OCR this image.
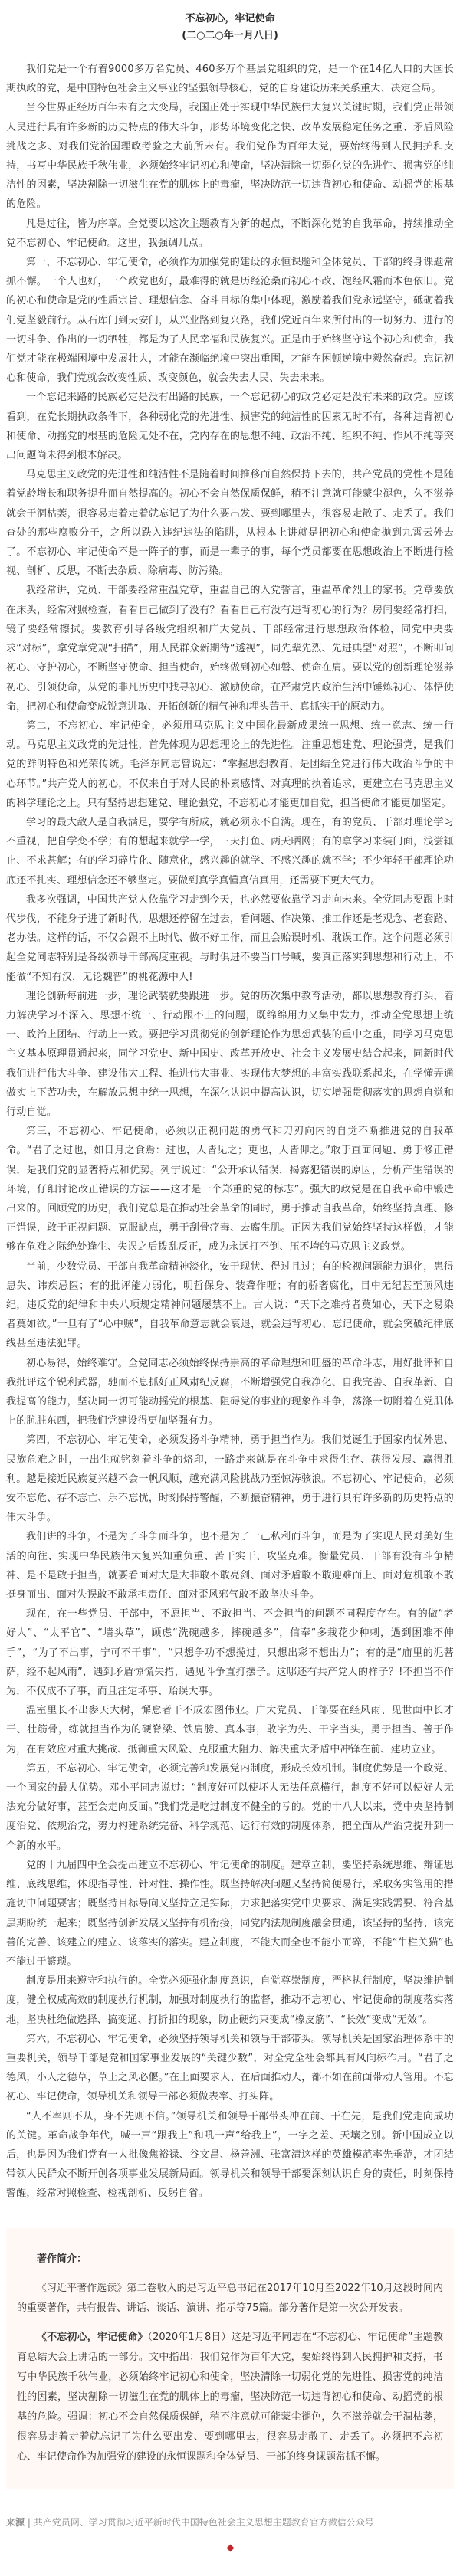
不忘初心，牢记使命
(二○二○年一月八日)

我们党是一个有着9000多万名党员、460多万个基层党组织的党，是一个在14亿人口的大国长期执政的党，是中国特色社会主义事业的坚强领导核心，党的自身建设历来关系重大、决定全局。

当今世界正经历百年未有之大变局，我国正处于实现中华民族伟大复兴关键时期，我们党正带领人民进行具有许多新的历史特点的伟大斗争，形势环境变化之快、改革发展稳定任务之重、矛盾风险挑战之多、对我们党治国理政考验之大前所未有。我们党作为百年大党，要始终得到人民拥护和支持，书写中华民族千秋伟业，必须始终牢记初心和使命，坚决清除一切弱化党的先进性、损害党的纯洁性的因素，坚决割除一切滋生在党的肌体上的毒瘤，坚决防范一切违背初心和使命、动摇党的根基的危险。

凡是过往，皆为序章。全党要以这次主题教育为新的起点，不断深化党的自我革命，持续推动全党不忘初心、牢记使命。这里，我强调几点。

第一，不忘初心、牢记使命，必须作为加强党的建设的永恒课题和全体党员、干部的终身课题常抓不懈。一个人也好，一个政党也好，最难得的就是历经沧桑而初心不改、饱经风霜而本色依旧。党的初心和使命是党的性质宗旨、理想信念、奋斗目标的集中体现，激励着我们党永远坚守，砥砺着我们党坚毅前行。从石库门到天安门，从兴业路到复兴路，我们党近百年来所付出的一切努力、进行的一切斗争、作出的一切牺牲，都是为了人民幸福和民族复兴。正是由于始终坚守这个初心和使命，我们党才能在极端困境中发展壮大，才能在濒临绝境中突出重围，才能在困顿逆境中毅然奋起。忘记初心和使命，我们党就会改变性质、改变颜色，就会失去人民、失去未来。

一个忘记来路的民族必定是没有出路的民族，一个忘记初心的政党必定是没有未来的政党。应该看到，在党长期执政条件下，各种弱化党的先进性、损害党的纯洁性的因素无时不有，各种违背初心和使命、动摇党的根基的危险无处不在，党内存在的思想不纯、政治不纯、组织不纯、作风不纯等突出问题尚未得到根本解决。

马克思主义政党的先进性和纯洁性不是随着时间推移而自然保持下去的，共产党员的党性不是随着党龄增长和职务提升而自然提高的。初心不会自然保质保鲜，稍不注意就可能蒙尘褪色，久不滋养就会干涸枯萎，很容易走着走着就忘记了为什么要出发、要到哪里去，很容易走散了、走丢了。我们查处的那些腐败分子，之所以跌入违纪违法的陷阱，从根本上讲就是把初心和使命抛到九霄云外去了。不忘初心、牢记使命不是一阵子的事，而是一辈子的事，每个党员都要在思想政治上不断进行检视、剖析、反思，不断去杂质、除病毒、防污染。

我经常讲，党员、干部要经常重温党章，重温自己的入党誓言，重温革命烈士的家书。党章要放在床头，经常对照检查，看看自己做到了没有？看看自己有没有违背初心的行为？房间要经常打扫，镜子要经常擦拭。要教育引导各级党组织和广大党员、干部经常进行思想政治体检，同党中央要求“对标”，拿党章党规“扫描”，用人民群众新期待“透视”，同先辈先烈、先进典型“对照”，不断叩问初心、守护初心，不断坚守使命、担当使命，始终做到初心如磐、使命在肩。要以党的创新理论滋养初心、引领使命，从党的非凡历史中找寻初心、激励使命，在严肃党内政治生活中锤炼初心、体悟使命，把初心和使命变成锐意进取、开拓创新的精气神和埋头苦干、真抓实干的原动力。

第二，不忘初心、牢记使命，必须用马克思主义中国化最新成果统一思想、统一意志、统一行动。马克思主义政党的先进性，首先体现为思想理论上的先进性。注重思想建党、理论强党，是我们党的鲜明特色和光荣传统。毛泽东同志曾说过：“掌握思想教育，是团结全党进行伟大政治斗争的中心环节。”共产党人的初心，不仅来自于对人民的朴素感情、对真理的执着追求，更建立在马克思主义的科学理论之上。只有坚持思想建党、理论强党，不忘初心才能更加自觉，担当使命才能更加坚定。

学习的最大敌人是自我满足，要学有所成，就必须永不自满。现在，有的党员、干部对理论学习不重视，把自学变不学；有的想起来就学一学，三天打鱼、两天晒网；有的拿学习来装门面，浅尝辄止、不求甚解；有的学习碎片化、随意化，感兴趣的就学、不感兴趣的就不学；不少年轻干部理论功底还不扎实、理想信念还不够坚定。要做到真学真懂真信真用，还需要下更大气力。

我多次强调，中国共产党人依靠学习走到今天，也必然要依靠学习走向未来。全党同志要跟上时代步伐，不能身子进了新时代，思想还停留在过去，看问题、作决策、推工作还是老观念、老套路、老办法。这样的话，不仅会跟不上时代、做不好工作，而且会贻误时机、耽误工作。这个问题必须引起全党同志特别是各级领导干部高度重视。与时俱进不要当口号喊，要真正落实到思想和行动上，不能做“不知有汉，无论魏晋”的桃花源中人!

理论创新每前进一步，理论武装就要跟进一步。党的历次集中教育活动，都以思想教育打头，着力解决学习不深入、思想不统一、行动跟不上的问题，既绵绵用力又集中发力，推动全党思想上统一、政治上团结、行动上一致。要把学习贯彻党的创新理论作为思想武装的重中之重，同学习马克思主义基本原理贯通起来，同学习党史、新中国史、改革开放史、社会主义发展史结合起来，同新时代我们进行伟大斗争、建设伟大工程、推进伟大事业、实现伟大梦想的丰富实践联系起来，在学懂弄通做实上下苦功夫，在解放思想中统一思想，在深化认识中提高认识，切实增强贯彻落实的思想自觉和行动自觉。

第三，不忘初心、牢记使命，必须以正视问题的勇气和刀刃向内的自觉不断推进党的自我革命。“君子之过也，如日月之食焉：过也，人皆见之；更也，人皆仰之。”敢于直面问题、勇于修正错误，是我们党的显著特点和优势。列宁说过：“公开承认错误，揭露犯错误的原因，分析产生错误的环境，仔细讨论改正错误的方法——这才是一个郑重的党的标志”。强大的政党是在自我革命中锻造出来的。回顾党的历史，我们党总是在推动社会革命的同时，勇于推动自我革命，始终坚持真理、修正错误，敢于正视问题、克服缺点，勇于刮骨疗毒、去腐生肌。正因为我们党始终坚持这样做，才能够在危难之际绝处逢生、失误之后拨乱反正，成为永远打不倒、压不垮的马克思主义政党。

当前，少数党员、干部自我革命精神淡化，安于现状、得过且过；有的检视问题能力退化，患得患失、讳疾忌医；有的批评能力弱化，明哲保身、装聋作哑；有的骄奢腐化，目中无纪甚至顶风违纪，违反党的纪律和中央八项规定精神问题屡禁不止。古人说：“天下之难持者莫如心，天下之易染者莫如欲。”一旦有了“心中贼”，自我革命意志就会衰退，就会违背初心、忘记使命，就会突破纪律底线甚至违法犯罪。

初心易得，始终难守。全党同志必须始终保持崇高的革命理想和旺盛的革命斗志，用好批评和自我批评这个锐利武器，驰而不息抓好正风肃纪反腐，不断增强党自我净化、自我完善、自我革新、自我提高的能力，坚决同一切可能动摇党的根基、阻碍党的事业的现象作斗争，荡涤一切附着在党肌体上的肮脏东西，把我们党建设得更加坚强有力。

第四，不忘初心、牢记使命，必须发扬斗争精神，勇于担当作为。我们党诞生于国家内忧外患、民族危难之时，一出生就铭刻着斗争的烙印，一路走来就是在斗争中求得生存、获得发展、赢得胜利。越是接近民族复兴越不会一帆风顺，越充满风险挑战乃至惊涛骇浪。不忘初心、牢记使命，必须安不忘危、存不忘亡、乐不忘忧，时刻保持警醒，不断振奋精神，勇于进行具有许多新的历史特点的伟大斗争。

我们讲的斗争，不是为了斗争而斗争，也不是为了一己私利而斗争，而是为了实现人民对美好生活的向往、实现中华民族伟大复兴知重负重、苦干实干、攻坚克难。衡量党员、干部有没有斗争精神、是不是敢于担当，就要看面对大是大非敢不敢亮剑、面对矛盾敢不敢迎难而上、面对危机敢不敢挺身而出、面对失误敢不敢承担责任、面对歪风邪气敢不敢坚决斗争。

现在，在一些党员、干部中，不愿担当、不敢担当、不会担当的问题不同程度存在。有的做“老好人”、“太平官”、“墙头草”，顾虑“洗碗越多，摔碗越多”，信奉“多栽花少种刺，遇到困难不伸手”，“为了不出事，宁可不干事”，“只想争功不想揽过，只想出彩不想出力”；有的是“庙里的泥菩萨，经不起风雨”，遇到矛盾惊慌失措，遇见斗争直打摆子。这哪还有共产党人的样子？!不担当不作为，不仅成不了事，而且注定坏事、贻误大事。

温室里长不出参天大树，懈怠者干不成宏图伟业。广大党员、干部要在经风雨、见世面中长才干、壮筋骨，练就担当作为的硬脊梁、铁肩膀、真本事，敢字为先、干字当头，勇于担当、善于作为，在有效应对重大挑战、抵御重大风险、克服重大阻力、解决重大矛盾中冲锋在前、建功立业。

第五，不忘初心、牢记使命，必须完善和发展党内制度，形成长效机制。制度优势是一个政党、一个国家的最大优势。邓小平同志说过：“制度好可以使坏人无法任意横行，制度不好可以使好人无法充分做好事，甚至会走向反面。”我们党是吃过制度不健全的亏的。党的十八大以来，党中央坚持制度治党、依规治党，努力构建系统完备、科学规范、运行有效的制度体系，把全面从严治党提升到一个新的水平。

党的十九届四中全会提出建立不忘初心、牢记使命的制度。建章立制，要坚持系统思维、辩证思维、底线思维，体现指导性、针对性、操作性。既坚持解决问题又坚持简便易行，采取务实管用的措施切中问题要害；既坚持目标导向又坚持立足实际，力求把落实党中央要求、满足实践需要、符合基层期盼统一起来；既坚持创新发展又坚持有机衔接，同党内法规制度融会贯通，该坚持的坚持、该完善的完善、该建立的建立、该落实的落实。建立制度，不能大而全也不能小而碎，不能“牛栏关猫”也不能过于繁琐。

制度是用来遵守和执行的。全党必须强化制度意识，自觉尊崇制度，严格执行制度，坚决维护制度，健全权威高效的制度执行机制，加强对制度执行的监督，推动不忘初心、牢记使命的制度落实落地，坚决杜绝做选择、搞变通、打折扣的现象，防止硬约束变成“橡皮筋”、“长效”变成“无效”。

第六，不忘初心、牢记使命，必须坚持领导机关和领导干部带头。领导机关是国家治理体系中的重要机关，领导干部是党和国家事业发展的“关键少数”，对全党全社会都具有风向标作用。“君子之德风，小人之德草，草上之风必偃。”在上面要求人、在后面推动人，都不如在前面带动人管用。不忘初心、牢记使命，领导机关和领导干部必须做表率、打头阵。

“人不率则不从，身不先则不信。”领导机关和领导干部带头冲在前、干在先，是我们党走向成功的关键。革命战争年代，喊一声“跟我上”和吼一声“给我上”，一字之差、天壤之别。新中国成立以后，也是因为我们党有一大批像焦裕禄、谷文昌、杨善洲、张富清这样的英雄模范率先垂范，才团结带领人民群众不断开创各项事业发展新局面。领导机关和领导干部要深刻认识自身的责任，时刻保持警醒，经常对照检查、检视剖析、反躬自省。

著作简介：

《习近平著作选读》第二卷收入的是习近平总书记在2017年10月至2022年10月这段时间内的重要著作，共有报告、讲话、谈话、演讲、指示等75篇。部分著作是第一次公开发表。

《不忘初心，牢记使命》（2020年1月8日）这是习近平同志在“不忘初心、牢记使命”主题教育总结大会上讲话的一部分。文中指出：我们党作为百年大党，要始终得到人民拥护和支持，书写中华民族千秋伟业，必须始终牢记初心和使命，坚决清除一切弱化党的先进性、损害党的纯洁性的因素，坚决割除一切滋生在党的肌体上的毒瘤，坚决防范一切违背初心和使命、动摇党的根基的危险。强调：初心不会自然保质保鲜，稍不注意就可能蒙尘褪色，久不滋养就会干涸枯萎，很容易走着走着就忘记了为什么要出发、要到哪里去，很容易走散了、走丢了。必须把不忘初心、牢记使命作为加强党的建设的永恒课题和全体党员、干部的终身课题常抓不懈。

来源 | 共产党员网、学习贯彻习近平新时代中国特色社会主义思想主题教育官方微信公众号
